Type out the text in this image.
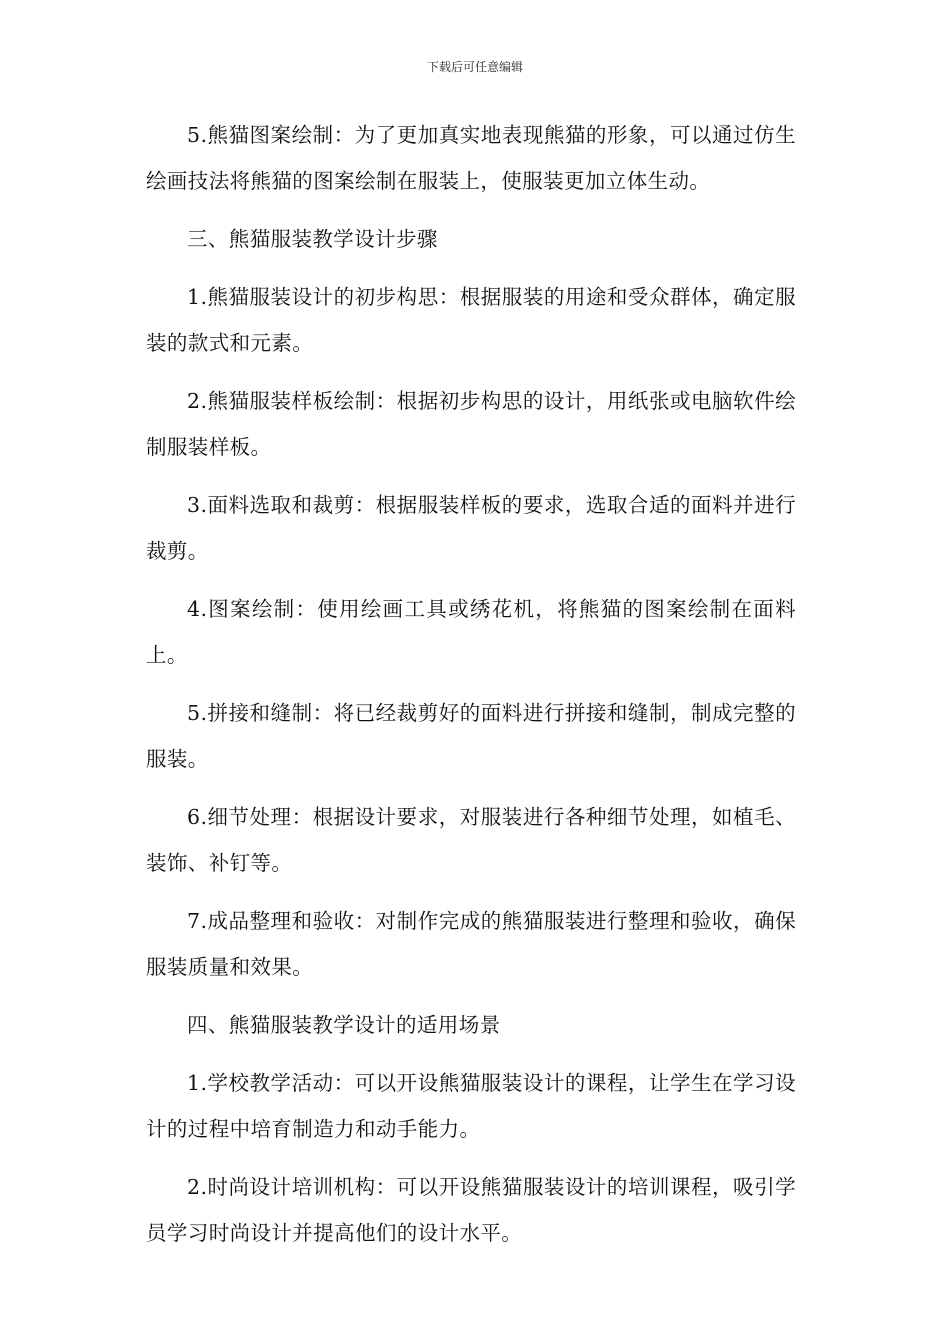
下载后可任意编辑

5.熊猫图案绘制：为了更加真实地表现熊猫的形象，可以通过仿生绘画技法将熊猫的图案绘制在服装上，使服装更加立体生动。

三、熊猫服装教学设计步骤

1.熊猫服装设计的初步构思：根据服装的用途和受众群体，确定服装的款式和元素。

2.熊猫服装样板绘制：根据初步构思的设计，用纸张或电脑软件绘制服装样板。

3.面料选取和裁剪：根据服装样板的要求，选取合适的面料并进行裁剪。

4.图案绘制：使用绘画工具或绣花机，将熊猫的图案绘制在面料上。

5.拼接和缝制：将已经裁剪好的面料进行拼接和缝制，制成完整的服装。

6.细节处理：根据设计要求，对服装进行各种细节处理，如植毛、装饰、补钉等。

7.成品整理和验收：对制作完成的熊猫服装进行整理和验收，确保服装质量和效果。

四、熊猫服装教学设计的适用场景

1.学校教学活动：可以开设熊猫服装设计的课程，让学生在学习设计的过程中培育制造力和动手能力。

2.时尚设计培训机构：可以开设熊猫服装设计的培训课程，吸引学员学习时尚设计并提高他们的设计水平。
